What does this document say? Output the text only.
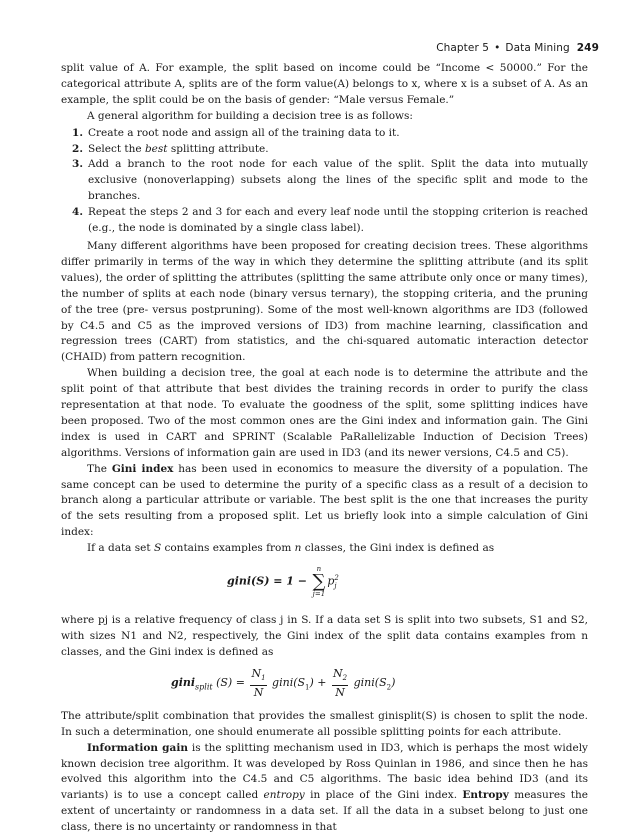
Chapter 5 • Data Mining 249

split value of A. For example, the split based on income could be “Income < 50000.” For the categorical attribute A, splits are of the form value(A) belongs to x, where x is a subset of A. As an example, the split could be on the basis of gender: “Male versus Female.”

A general algorithm for building a decision tree is as follows:

1. Create a root node and assign all of the training data to it.
2. Select the best splitting attribute.
3. Add a branch to the root node for each value of the split. Split the data into mutually exclusive (nonoverlapping) subsets along the lines of the specific split and mode to the branches.
4. Repeat the steps 2 and 3 for each and every leaf node until the stopping criterion is reached (e.g., the node is dominated by a single class label).

Many different algorithms have been proposed for creating decision trees. These algorithms differ primarily in terms of the way in which they determine the splitting attribute (and its split values), the order of splitting the attributes (splitting the same attribute only once or many times), the number of splits at each node (binary versus ternary), the stopping criteria, and the pruning of the tree (pre- versus postpruning). Some of the most well-known algorithms are ID3 (followed by C4.5 and C5 as the improved versions of ID3) from machine learning, classification and regression trees (CART) from statistics, and the chi-squared automatic interaction detector (CHAID) from pattern recognition.

When building a decision tree, the goal at each node is to determine the attribute and the split point of that attribute that best divides the training records in order to purify the class representation at that node. To evaluate the goodness of the split, some splitting indices have been proposed. Two of the most common ones are the Gini index and information gain. The Gini index is used in CART and SPRINT (Scalable PaRallelizable Induction of Decision Trees) algorithms. Versions of information gain are used in ID3 (and its newer versions, C4.5 and C5).

The Gini index has been used in economics to measure the diversity of a population. The same concept can be used to determine the purity of a specific class as a result of a decision to branch along a particular attribute or variable. The best split is the one that increases the purity of the sets resulting from a proposed split. Let us briefly look into a simple calculation of Gini index:

If a data set S contains examples from n classes, the Gini index is defined as

gini(S) = 1 −
n
∑
j=1
p 2
j

where pj is a relative frequency of class j in S. If a data set S is split into two subsets, S1 and S2, with sizes N1 and N2, respectively, the Gini index of the split data contains examples from n classes, and the Gini index is defined as

gini$_{split}$ $(S) = \frac{N_1}{N}$ $gini(S_1) + \frac{N_2}{N}$ $gini(S_2)$

The attribute/split combination that provides the smallest ginisplit(S) is chosen to split the node. In such a determination, one should enumerate all possible splitting points for each attribute.

Information gain is the splitting mechanism used in ID3, which is perhaps the most widely known decision tree algorithm. It was developed by Ross Quinlan in 1986, and since then he has evolved this algorithm into the C4.5 and C5 algorithms. The basic idea behind ID3 (and its variants) is to use a concept called entropy in place of the Gini index. Entropy measures the extent of uncertainty or randomness in a data set. If all the data in a subset belong to just one class, there is no uncertainty or randomness in that
